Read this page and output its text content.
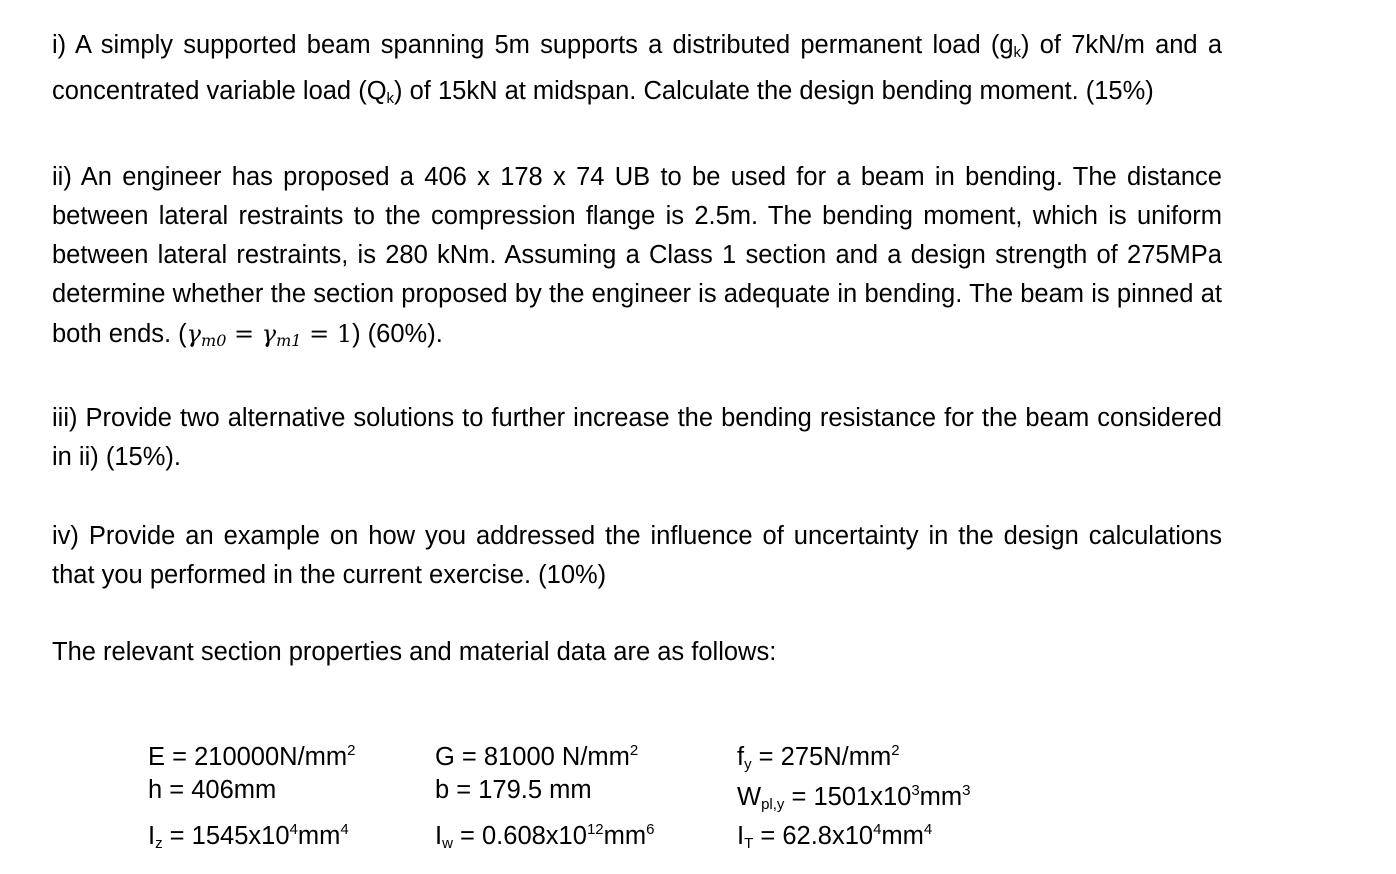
i) A simply supported beam spanning 5m supports a distributed permanent load $(g_k)$ of 7kN/m and a concentrated variable load $(Q_k)$ of 15kN at midspan. Calculate the design bending moment. (15%)

ii) An engineer has proposed a 406 x 178 x 74 UB to be used for a beam in bending. The distance between lateral restraints to the compression flange is 2.5m. The bending moment, which is uniform between lateral restraints, is 280 kNm. Assuming a Class 1 section and a design strength of 275MPa determine whether the section proposed by the engineer is adequate in bending. The beam is pinned at both ends. (γm0 = γm1 = 1) (60%).

iii) Provide two alternative solutions to further increase the bending resistance for the beam considered in ii) (15%).

iv) Provide an example on how you addressed the influence of uncertainty in the design calculations that you performed in the current exercise. (10%)

The relevant section properties and material data are as follows:

$E = 210000N/mm^2$
h = 406mm
$I_z = 1545x10^4mm^4$
G = 81000 $N/mm^2$
b = 179.5 mm
$I_w = 0.608x10^{12}mm^6$
$f_y = 275N/mm^2$
$W_{pl,y} = 1501x10^3mm^3$
$I_T = 62.8x10^4mm^4$
